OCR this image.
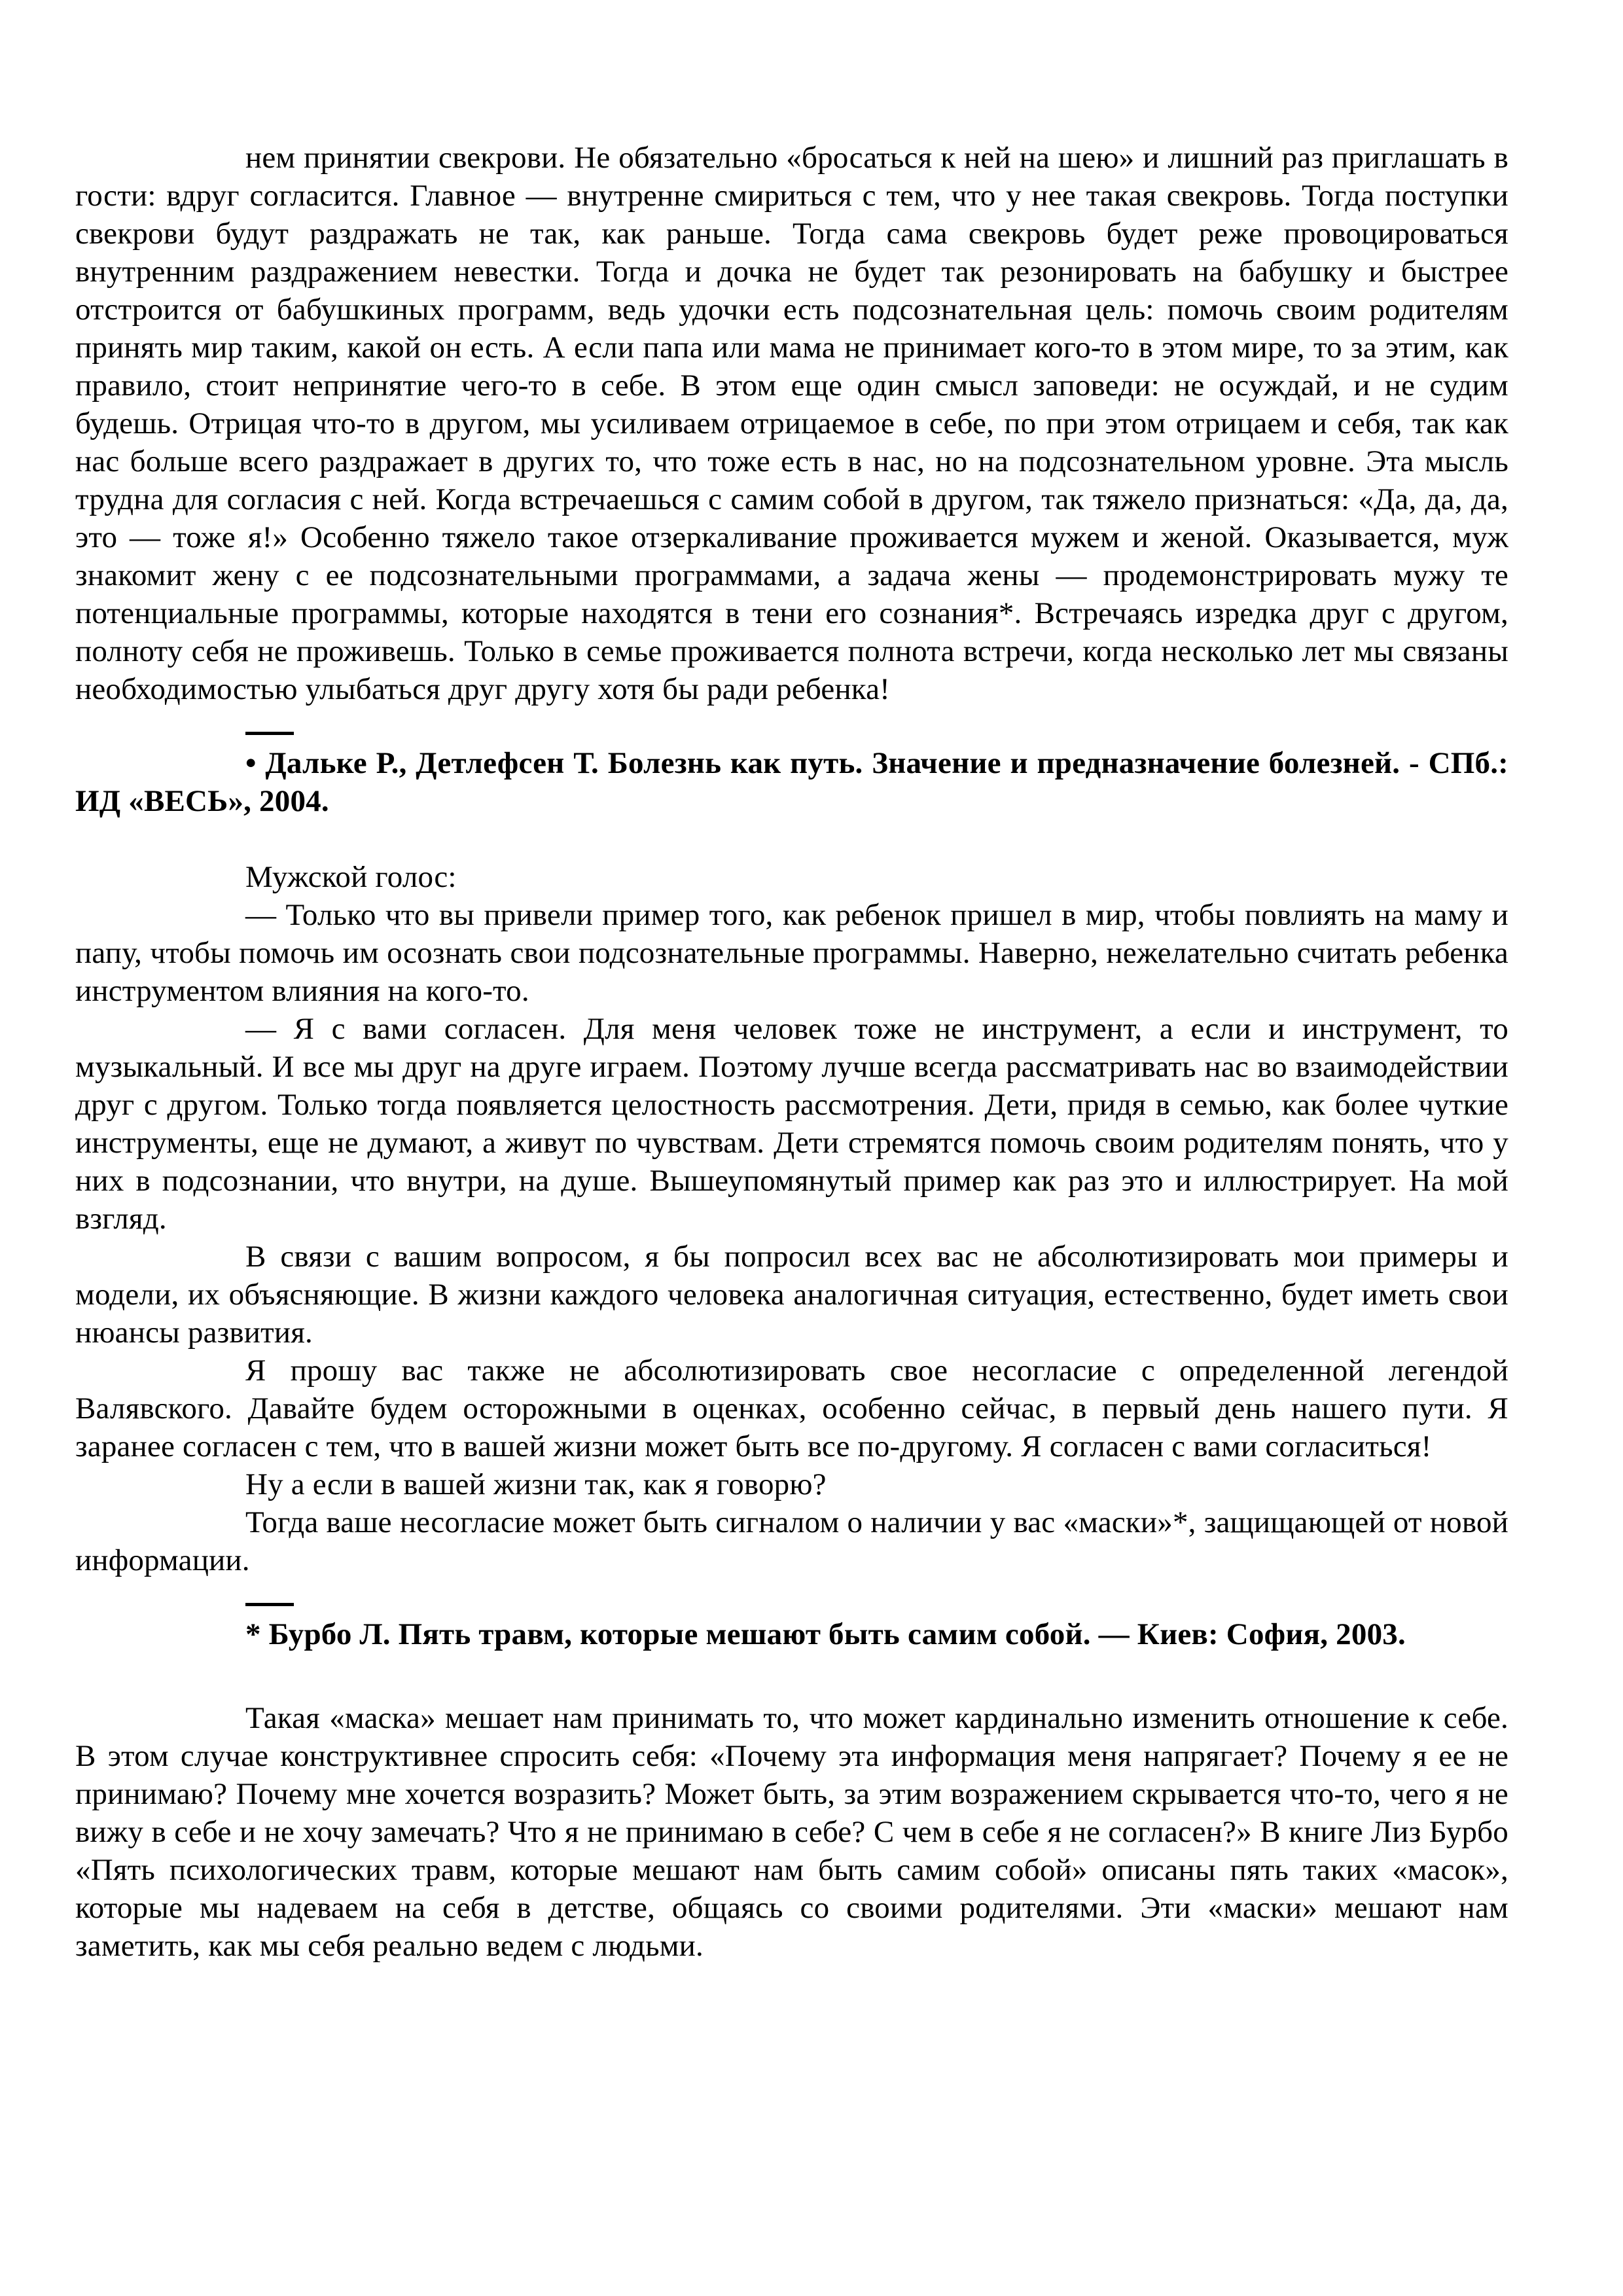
нем принятии свекрови. Не обязательно «бросаться к ней на шею» и лишний раз приглашать в гости: вдруг согласится. Главное — внутренне смириться с тем, что у нее такая свекровь. Тогда поступки свекрови будут раздражать не так, как раньше. Тогда сама свекровь будет реже провоцироваться внутренним раздражением невестки. Тогда и дочка не будет так резонировать на бабушку и быстрее отстроится от бабушкиных программ, ведь удочки есть подсознательная цель: помочь своим родителям принять мир таким, какой он есть. А если папа или мама не принимает кого-то в этом мире, то за этим, как правило, стоит непринятие чего-то в себе. В этом еще один смысл заповеди: не осуждай, и не судим будешь. Отрицая что-то в другом, мы усиливаем отрицаемое в себе, по при этом отрицаем и себя, так как нас больше всего раздражает в других то, что тоже есть в нас, но на подсознательном уровне. Эта мысль трудна для согласия с ней. Когда встречаешься с самим собой в другом, так тяжело признаться: «Да, да, да, это — тоже я!» Особенно тяжело такое отзеркаливание проживается мужем и женой. Оказывается, муж знакомит жену с ее подсознательными программами, а задача жены — продемонстрировать мужу те потенциальные программы, которые находятся в тени его сознания*. Встречаясь изредка друг с другом, полноту себя не проживешь. Только в семье проживается полнота встречи, когда несколько лет мы связаны необходимостью улыбаться друг другу хотя бы ради ребенка!

• Дальке Р., Детлефсен Т. Болезнь как путь. Значение и предназначение болезней. - СПб.: ИД «ВЕСЬ», 2004.

Мужской голос:

— Только что вы привели пример того, как ребенок пришел в мир, чтобы повлиять на маму и папу, чтобы помочь им осознать свои подсознательные программы. Наверно, нежелательно считать ребенка инструментом влияния на кого-то.

— Я с вами согласен. Для меня человек тоже не инструмент, а если и инструмент, то музыкальный. И все мы друг на друге играем. Поэтому лучше всегда рассматривать нас во взаимодействии друг с другом. Только тогда появляется целостность рассмотрения. Дети, придя в семью, как более чуткие инструменты, еще не думают, а живут по чувствам. Дети стремятся помочь своим родителям понять, что у них в подсознании, что внутри, на душе. Вышеупомянутый пример как раз это и иллюстрирует. На мой взгляд.

В связи с вашим вопросом, я бы попросил всех вас не абсолютизировать мои примеры и модели, их объясняющие. В жизни каждого человека аналогичная ситуация, естественно, будет иметь свои нюансы развития.

Я прошу вас также не абсолютизировать свое несогласие с определенной легендой Валявского. Давайте будем осторожными в оценках, особенно сейчас, в первый день нашего пути. Я заранее согласен с тем, что в вашей жизни может быть все по-другому. Я согласен с вами согласиться!

Ну а если в вашей жизни так, как я говорю?

Тогда ваше несогласие может быть сигналом о наличии у вас «маски»*, защищающей от новой информации.

* Бурбо Л. Пять травм, которые мешают быть самим собой. — Киев: София, 2003.

Такая «маска» мешает нам принимать то, что может кардинально изменить отношение к себе. В этом случае конструктивнее спросить себя: «Почему эта информация меня напрягает? Почему я ее не принимаю? Почему мне хочется возразить? Может быть, за этим возражением скрывается что-то, чего я не вижу в себе и не хочу замечать? Что я не принимаю в себе? С чем в себе я не согласен?» В книге Лиз Бурбо «Пять психологических травм, которые мешают нам быть самим собой» описаны пять таких «масок», которые мы надеваем на себя в детстве, общаясь со своими родителями. Эти «маски» мешают нам заметить, как мы себя реально ведем с людьми.
